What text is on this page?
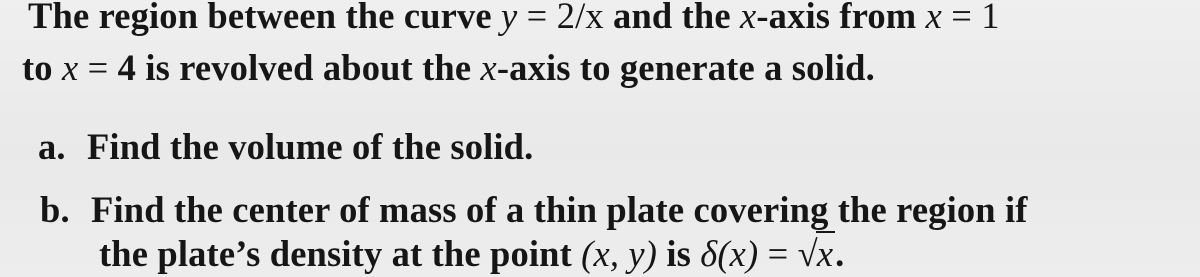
The region between the curve y = 2/x and the x-axis from x = 1
to x = 4 is revolved about the x-axis to generate a solid.
a. Find the volume of the solid.
b. Find the center of mass of a thin plate covering the region if
the plate’s density at the point (x, y) is δ(x) = √x.
